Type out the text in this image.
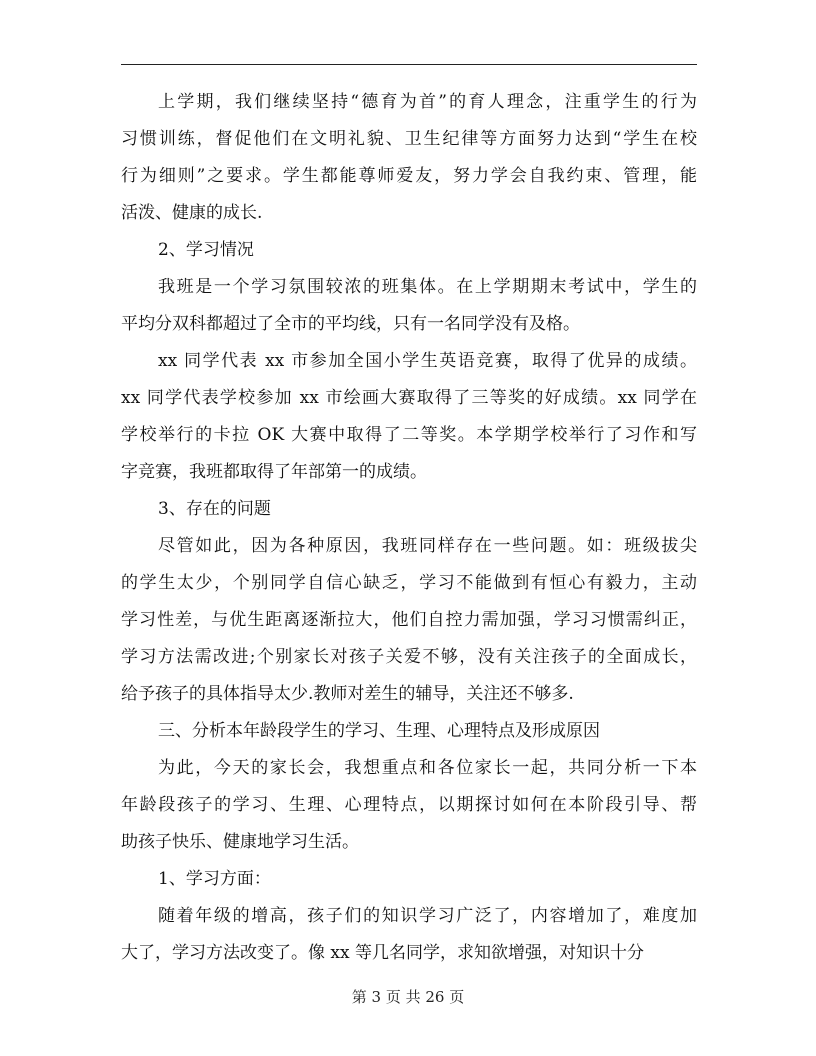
上学期，我们继续坚持“德育为首”的育人理念，注重学生的行为
习惯训练，督促他们在文明礼貌、卫生纪律等方面努力达到“学生在校
行为细则”之要求。学生都能尊师爱友，努力学会自我约束、管理，能
活泼、健康的成长.
2、学习情况
我班是一个学习氛围较浓的班集体。在上学期期末考试中，学生的
平均分双科都超过了全市的平均线，只有一名同学没有及格。
xx 同学代表 xx 市参加全国小学生英语竞赛，取得了优异的成绩。
xx 同学代表学校参加 xx 市绘画大赛取得了三等奖的好成绩。xx 同学在
学校举行的卡拉 OK 大赛中取得了二等奖。本学期学校举行了习作和写
字竞赛，我班都取得了年部第一的成绩。
3、存在的问题
尽管如此，因为各种原因，我班同样存在一些问题。如：班级拔尖
的学生太少，个别同学自信心缺乏，学习不能做到有恒心有毅力，主动
学习性差，与优生距离逐渐拉大，他们自控力需加强，学习习惯需纠正，
学习方法需改进;个别家长对孩子关爱不够，没有关注孩子的全面成长，
给予孩子的具体指导太少.教师对差生的辅导，关注还不够多.
三、分析本年龄段学生的学习、生理、心理特点及形成原因
为此，今天的家长会，我想重点和各位家长一起，共同分析一下本
年龄段孩子的学习、生理、心理特点，以期探讨如何在本阶段引导、帮
助孩子快乐、健康地学习生活。
1、学习方面：
随着年级的增高，孩子们的知识学习广泛了，内容增加了，难度加
大了，学习方法改变了。像 xx 等几名同学，求知欲增强，对知识十分
第 3 页 共 26 页
